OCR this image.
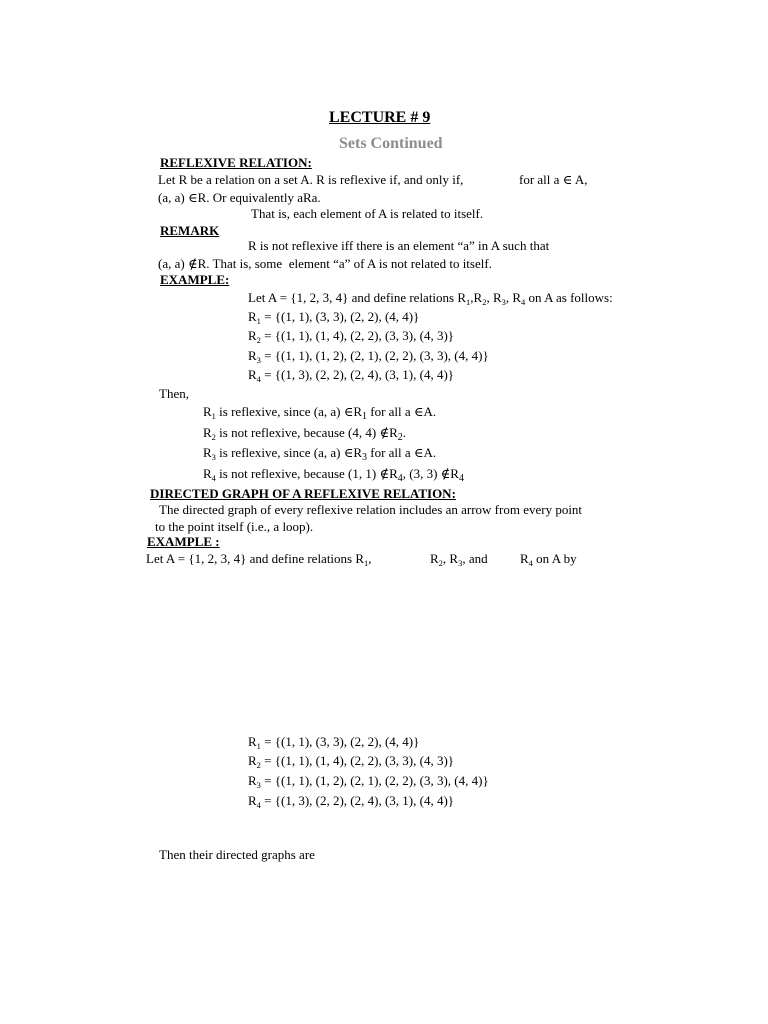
LECTURE # 9
Sets Continued
REFLEXIVE RELATION:
Let R be a relation on a set A. R is reflexive if, and only if,	for all a ∈ A,
(a, a) ∈R. Or equivalently aRa.
That is, each element of A is related to itself.
REMARK
R is not reflexive iff there is an element “a” in A such that
(a, a) ∉R. That is, some  element “a” of A is not related to itself.
EXAMPLE:
Let A = {1, 2, 3, 4} and define relations $R_1,R_2$, $R_3$, $R_4$ on A as follows:
$R_1 = \{(1$, 1), (3, 3), (2, 2), (4, 4)}
$R_2 = \{(1$, 1), (1, 4), (2, 2), (3, 3), (4, 3)}
$R_3 = \{(1$, 1), (1, 2), (2, 1), (2, 2), (3, 3), (4, 4)}
$R_4 = \{(1$, 3), (2, 2), (2, 4), (3, 1), (4, 4)}
Then,
$R_1$ is reflexive, since (a, a) $\in R_1$ for all a ∈A.
$R_2$ is not reflexive, because (4, 4) $\notin R_2$.
$R_3$ is reflexive, since (a, a) $\in R_3$ for all a ∈A.
$R_4$ is not reflexive, because (1, 1) $\notin R_4$, (3, 3) $\notin R_4$
DIRECTED GRAPH OF A REFLEXIVE RELATION:
The directed graph of every reflexive relation includes an arrow from every point
to the point itself (i.e., a loop).
EXAMPLE :
Let A = {1, 2, 3, 4} and define relations $R_1$,	$R_2$, $R_3$, and $R_4$ on A by
$R_1 = \{(1$, 1), (3, 3), (2, 2), (4, 4)}
$R_2 = \{(1$, 1), (1, 4), (2, 2), (3, 3), (4, 3)}
$R_3 = \{(1$, 1), (1, 2), (2, 1), (2, 2), (3, 3), (4, 4)}
$R_4 = \{(1$, 3), (2, 2), (2, 4), (3, 1), (4, 4)}
Then their directed graphs are
